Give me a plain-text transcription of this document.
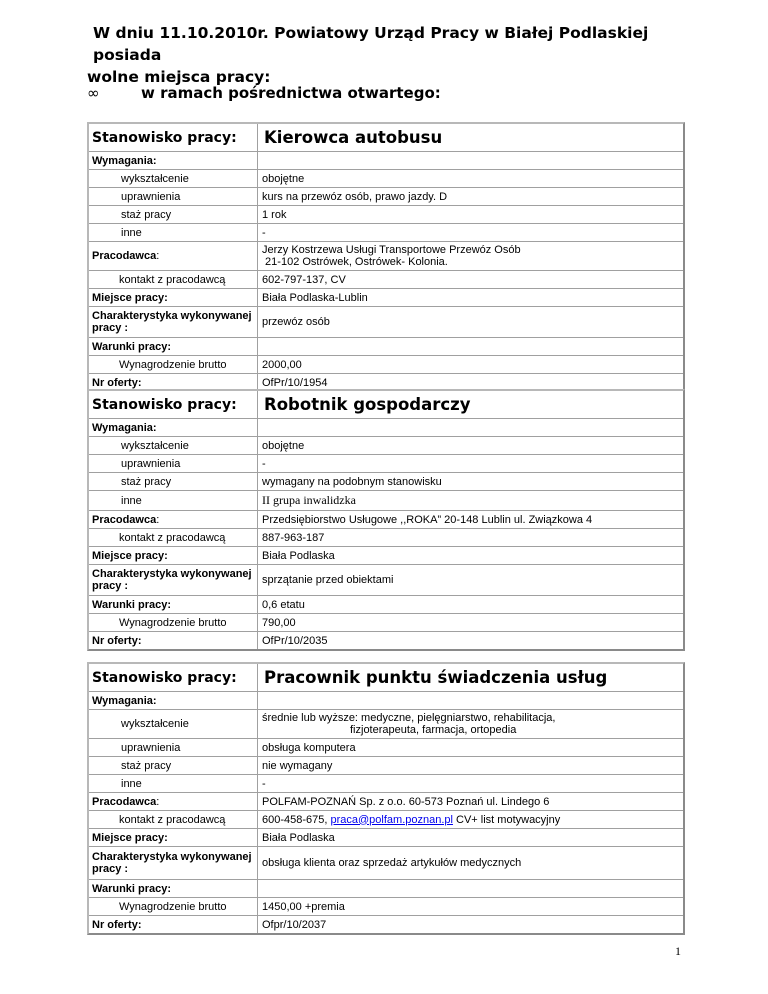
W dniu 11.10.2010r. Powiatowy Urząd Pracy w Białej Podlaskiej posiada
wolne miejsca pracy:
∞	w ramach pośrednictwa otwartego:
Stanowisko pracy:	Kierowca autobusu
Wymagania:
wykształcenie	obojętne
uprawnienia	kurs na przewóz osób, prawo jazdy. D
staż pracy	1 rok
inne	-
Pracodawca :	Jerzy Kostrzewa Usługi Transportowe Przewóz Osób
21-102 Ostrówek, Ostrówek- Kolonia.
kontakt z pracodawcą	602-797-137, CV
Miejsce pracy:	Biała Podlaska-Lublin
Charakterystyka wykonywanej pracy :	przewóz osób
Warunki pracy:
Wynagrodzenie brutto	2000,00
Nr oferty:	OfPr/10/1954
Stanowisko pracy:	Robotnik gospodarczy
Wymagania:
wykształcenie	obojętne
uprawnienia	-
staż pracy	wymagany na podobnym stanowisku
inne	II grupa inwalidzka
Pracodawca :	Przedsiębiorstwo Usługowe ,,ROKA” 20-148 Lublin ul. Związkowa 4
kontakt z pracodawcą	887-963-187
Miejsce pracy:	Biała Podlaska
Charakterystyka wykonywanej pracy :	sprzątanie przed obiektami
Warunki pracy:	0,6 etatu
Wynagrodzenie brutto	790,00
Nr oferty:	OfPr/10/2035
Stanowisko pracy:	Pracownik punktu świadczenia usług
Wymagania:
wykształcenie	średnie lub wyższe: medyczne, pielęgniarstwo, rehabilitacja,
fizjoterapeuta, farmacja, ortopedia
uprawnienia	obsługa komputera
staż pracy	nie wymagany
inne	-
Pracodawca :	POLFAM-POZNAŃ Sp. z o.o. 60-573 Poznań ul. Lindego 6
kontakt z pracodawcą	600-458-675, praca@polfam.poznan.pl CV+ list motywacyjny
Miejsce pracy:	Biała Podlaska
Charakterystyka wykonywanej pracy :	obsługa klienta oraz sprzedaż artykułów medycznych
Warunki pracy:
Wynagrodzenie brutto	1450,00 +premia
Nr oferty:	Ofpr/10/2037
1
